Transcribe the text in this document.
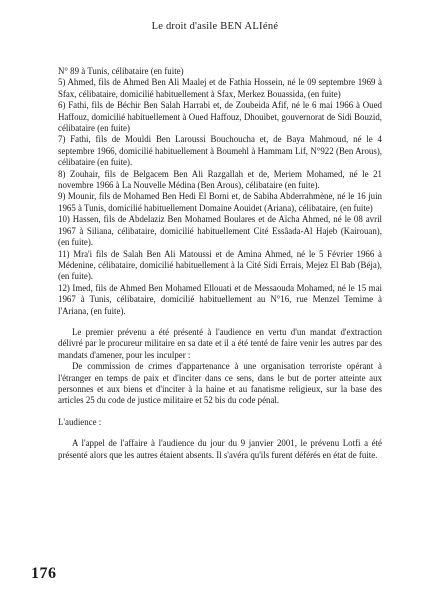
Le droit d'asile BEN ALIéné

N° 89 à Tunis, célibataire (en fuite)

5) Ahmed, fils de Ahmed Ben Ali Maalej et de Fathia Hossein, né le 09 septembre 1969 à Sfax, célibataire, domicilié habituellement à Sfax, Merkez Bouassida, (en fuite)

6) Fathi, fils de Béchir Ben Salah Harrabi et, de Zoubeida Afif, né le 6 mai 1966 à Oued Haffouz, domicilié habituellement à Oued Haffouz, Dhouibet, gouvernorat de Sidi Bouzid, célibataire (en fuite)

7) Fathi, fils de Mouldi Ben Laroussi Bouchoucha et, de Baya Mahmoud, né le 4 septembre 1966, domicilié habituellement à Boumehl à Hammam Lif, N°922 (Ben Arous), célibataire (en fuite).

8) Zouhair, fils de Belgacem Ben Ali Razgallah et de, Meriem Mohamed, né le 21 novembre 1966 à La Nouvelle Médina (Ben Arous), célibataire (en fuite).

9) Mounir, fils de Mohamed Ben Hedi El Borni et, de Sabiha Abderrahmène, né le 16 juin 1965 à Tunis, domicilié habituellement Domaine Aouidet (Ariana), célibataire, (en fuite)

10) Hassen, fils de Abdelaziz Ben Mohamed Boulares et de Aïcha Ahmed, né le 08 avril 1967 à Siliana, célibataire, domicilié habituellement Cité Essâada-Al Hajeb (Kairouan), (en fuite).

11) Mra'i fils de Salah Ben Ali Matoussi et de Amina Ahmed, né le 5 Février 1966 à Médenine, célibataire, domicilié habituellement à la Cité Sidi Errais, Mejez El Bab (Béja), (en fuite).

12) Imed, fils de Ahmed Ben Mohamed Ellouati et de Messaouda Mohamed, né le 15 mai 1967 à Tunis, célibataire, domicilié habituellement au N°16, rue Menzel Temime à l'Ariana, (en fuite).

Le premier prévenu a été présenté à l'audience en vertu d'un mandat d'extraction délivré par le procureur militaire en sa date et il a été tenté de faire venir les autres par des mandats d'amener, pour les inculper :

De commission de crimes d'appartenance à une organisation terroriste opérant à l'étranger en temps de paix et d'inciter dans ce sens, dans le but de porter atteinte aux personnes et aux biens et d'inciter à la haine et au fanatisme religieux, sur la base des articles 25 du code de justice militaire et 52 bis du code pénal.

L'audience :

A l'appel de l'affaire à l'audience du jour du 9 janvier 2001, le prévenu Lotfi a été présenté alors que les autres étaient absents. Il s'avéra qu'ils furent déférés en état de fuite.

176
